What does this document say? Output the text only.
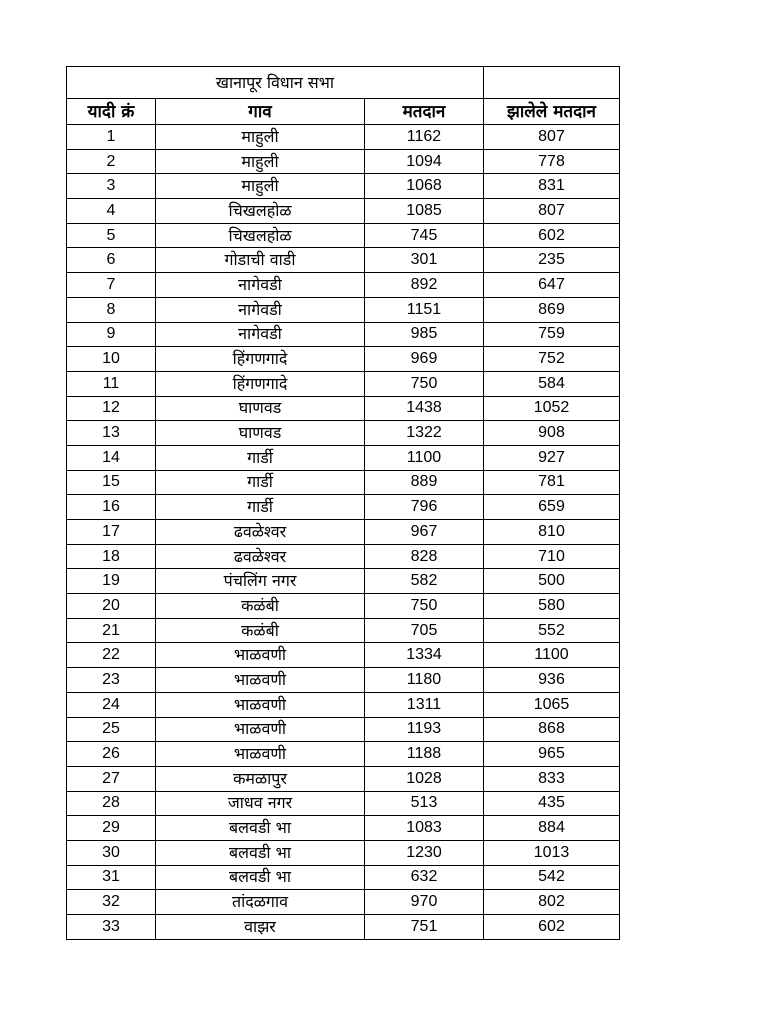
खानापूर विधान सभा			
यादी क्रं	गाव	मतदान	झालेले मतदान
1	माहुली	1162	807
2	माहुली	1094	778
3	माहुली	1068	831
4	चिखलहोळ	1085	807
5	चिखलहोळ	745	602
6	गोडाची वाडी	301	235
7	नागेवडी	892	647
8	नागेवडी	1151	869
9	नागेवडी	985	759
10	हिंगणगादे	969	752
11	हिंगणगादे	750	584
12	घाणवड	1438	1052
13	घाणवड	1322	908
14	गार्डी	1100	927
15	गार्डी	889	781
16	गार्डी	796	659
17	ढवळेश्वर	967	810
18	ढवळेश्वर	828	710
19	पंचलिंग नगर	582	500
20	कळंबी	750	580
21	कळंबी	705	552
22	भाळवणी	1334	1100
23	भाळवणी	1180	936
24	भाळवणी	1311	1065
25	भाळवणी	1193	868
26	भाळवणी	1188	965
27	कमळापुर	1028	833
28	जाधव नगर	513	435
29	बलवडी भा	1083	884
30	बलवडी भा	1230	1013
31	बलवडी भा	632	542
32	तांदळगाव	970	802
33	वाझर	751	602
